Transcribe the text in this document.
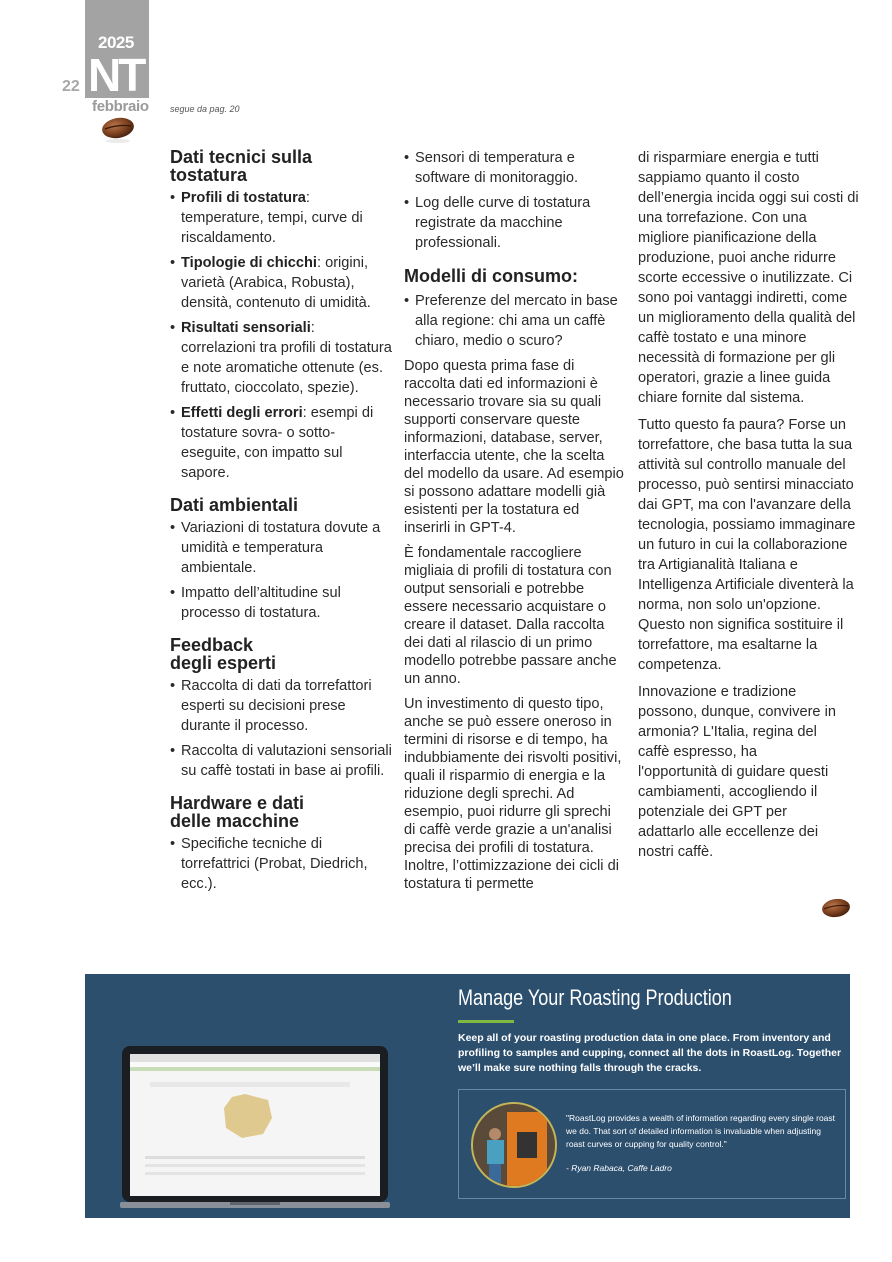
2025
NT
22
febbraio segue da pag. 20
Dati tecnici sulla tostatura
• Profili di tostatura: temperature, tempi, curve di riscaldamento.
• Tipologie di chicchi: origini, varietà (Arabica, Robusta), densità, contenuto di umidità.
• Risultati sensoriali: correlazioni tra profili di tostatura e note aromatiche ottenute (es. fruttato, cioccolato, spezie).
• Effetti degli errori: esempi di tostature sovra- o sotto-eseguite, con impatto sul sapore.
Dati ambientali
• Variazioni di tostatura dovute a umidità e temperatura ambientale.
• Impatto dell’altitudine sul processo di tostatura.
Feedback degli esperti
• Raccolta di dati da torrefattori esperti su decisioni prese durante il processo.
• Raccolta di valutazioni sensoriali su caffè tostati in base ai profili.
Hardware e dati delle macchine
• Specifiche tecniche di torrefattrici (Probat, Diedrich, ecc.).
• Sensori di temperatura e software di monitoraggio.
• Log delle curve di tostatura registrate da macchine professionali.
Modelli di consumo:
• Preferenze del mercato in base alla regione: chi ama un caffè chiaro, medio o scuro?

Dopo questa prima fase di raccolta dati ed informazioni è necessario trovare sia su quali supporti conservare queste informazioni, database, server, interfaccia utente, che la scelta del modello da usare. Ad esempio si possono adattare modelli già esistenti per la tostatura ed inserirli in GPT-4.

È fondamentale raccogliere migliaia di profili di tostatura con output sensoriali e potrebbe essere necessario acquistare o creare il dataset. Dalla raccolta dei dati al rilascio di un primo modello potrebbe passare anche un anno.

Un investimento di questo tipo, anche se può essere oneroso in termini di risorse e di tempo, ha indubbiamente dei risvolti positivi, quali il risparmio di energia e la riduzione degli sprechi. Ad esempio, puoi ridurre gli sprechi di caffè verde grazie a un'analisi precisa dei profili di tostatura. Inoltre, l’ottimizzazione dei cicli di tostatura ti permette

di risparmiare energia e tutti sappiamo quanto il costo dell’energia incida oggi sui costi di una torrefazione. Con una migliore pianificazione della produzione, puoi anche ridurre scorte eccessive o inutilizzate. Ci sono poi vantaggi indiretti, come un miglioramento della qualità del caffè tostato e una minore necessità di formazione per gli operatori, grazie a linee guida chiare fornite dal sistema.

Tutto questo fa paura? Forse un torrefattore, che basa tutta la sua attività sul controllo manuale del processo, può sentirsi minacciato dai GPT, ma con l'avanzare della tecnologia, possiamo immaginare un futuro in cui la collaborazione tra Artigianalità Italiana e Intelligenza Artificiale diventerà la norma, non solo un'opzione. Questo non significa sostituire il torrefattore, ma esaltarne la competenza.

Innovazione e tradizione possono, dunque, convivere in armonia? L'Italia, regina del caffè espresso, ha l'opportunità di guidare questi cambiamenti, accogliendo il potenziale dei GPT per adattarlo alle eccellenze dei nostri caffè.

Manage Your Roasting Production
Keep all of your roasting production data in one place. From inventory and profiling to samples and cupping, connect all the dots in RoastLog. Together we’ll make sure nothing falls through the cracks.
"RoastLog provides a wealth of information regarding every single roast we do. That sort of detailed information is invaluable when adjusting roast curves or cupping for quality control."
- Ryan Rabaca, Caffe Ladro
